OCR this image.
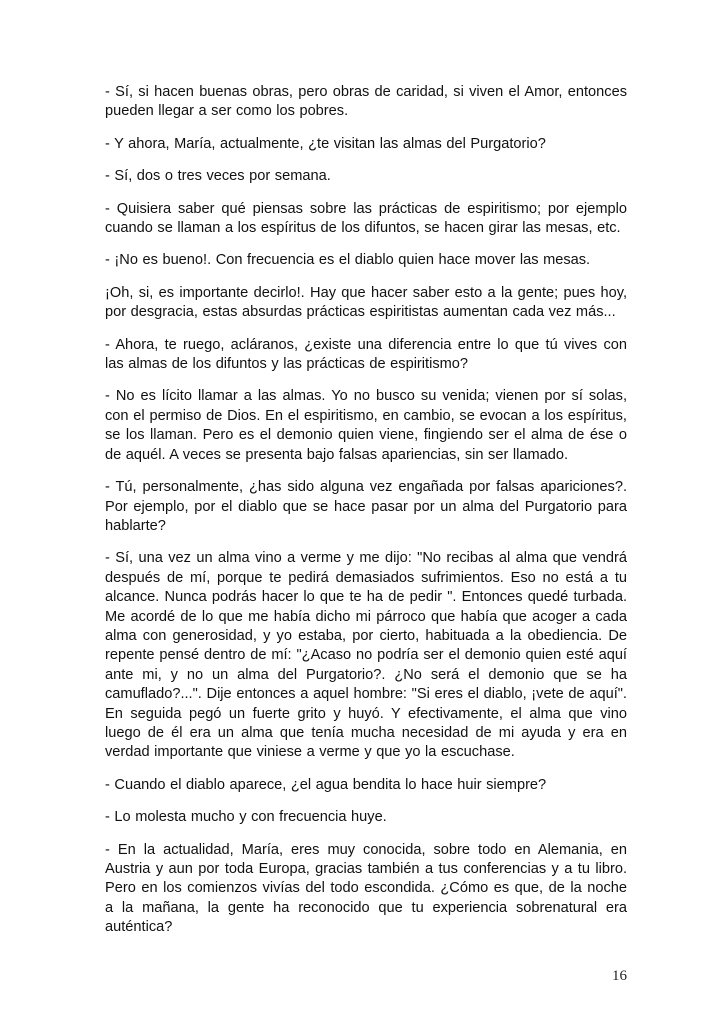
- Sí, si hacen buenas obras, pero obras de caridad, si viven el Amor, entonces pueden llegar a ser como los pobres.

- Y ahora, María, actualmente, ¿te visitan las almas del Purgatorio?

- Sí, dos o tres veces por semana.

- Quisiera saber qué piensas sobre las prácticas de espiritismo; por ejemplo cuando se llaman a los espíritus de los difuntos, se hacen girar las mesas, etc.

- ¡No es bueno!. Con frecuencia es el diablo quien hace mover las mesas.

¡Oh, si, es importante decirlo!. Hay que hacer saber esto a la gente; pues hoy, por desgracia, estas absurdas prácticas espiritistas aumentan cada vez más...

- Ahora, te ruego, acláranos, ¿existe una diferencia entre lo que tú vives con las almas de los difuntos y las prácticas de espiritismo?

- No es lícito llamar a las almas. Yo no busco su venida; vienen por sí solas, con el permiso de Dios. En el espiritismo, en cambio, se evocan a los espíritus, se los llaman. Pero es el demonio quien viene, fingiendo ser el alma de ése o de aquél. A veces se presenta bajo falsas apariencias, sin ser llamado.

- Tú, personalmente, ¿has sido alguna vez engañada por falsas apariciones?. Por ejemplo, por el diablo que se hace pasar por un alma del Purgatorio para hablarte?

- Sí, una vez un alma vino a verme y me dijo: "No recibas al alma que vendrá después de mí, porque te pedirá demasiados sufrimientos. Eso no está a tu alcance. Nunca podrás hacer lo que te ha de pedir ". Entonces quedé turbada. Me acordé de lo que me había dicho mi párroco que había que acoger a cada alma con generosidad, y yo estaba, por cierto, habituada a la obediencia. De repente pensé dentro de mí: "¿Acaso no podría ser el demonio quien esté aquí ante mi, y no un alma del Purgatorio?. ¿No será el demonio que se ha camuflado?...". Dije entonces a aquel hombre: "Si eres el diablo, ¡vete de aquí". En seguida pegó un fuerte grito y huyó. Y efectivamente, el alma que vino luego de él era un alma que tenía mucha necesidad de mi ayuda y era en verdad importante que viniese a verme y que yo la escuchase.

- Cuando el diablo aparece, ¿el agua bendita lo hace huir siempre?

- Lo molesta mucho y con frecuencia huye.

- En la actualidad, María, eres muy conocida, sobre todo en Alemania, en Austria y aun por toda Europa, gracias también a tus conferencias y a tu libro. Pero en los comienzos vivías del todo escondida. ¿Cómo es que, de la noche a la mañana, la gente ha reconocido que tu experiencia sobrenatural era auténtica?

16
